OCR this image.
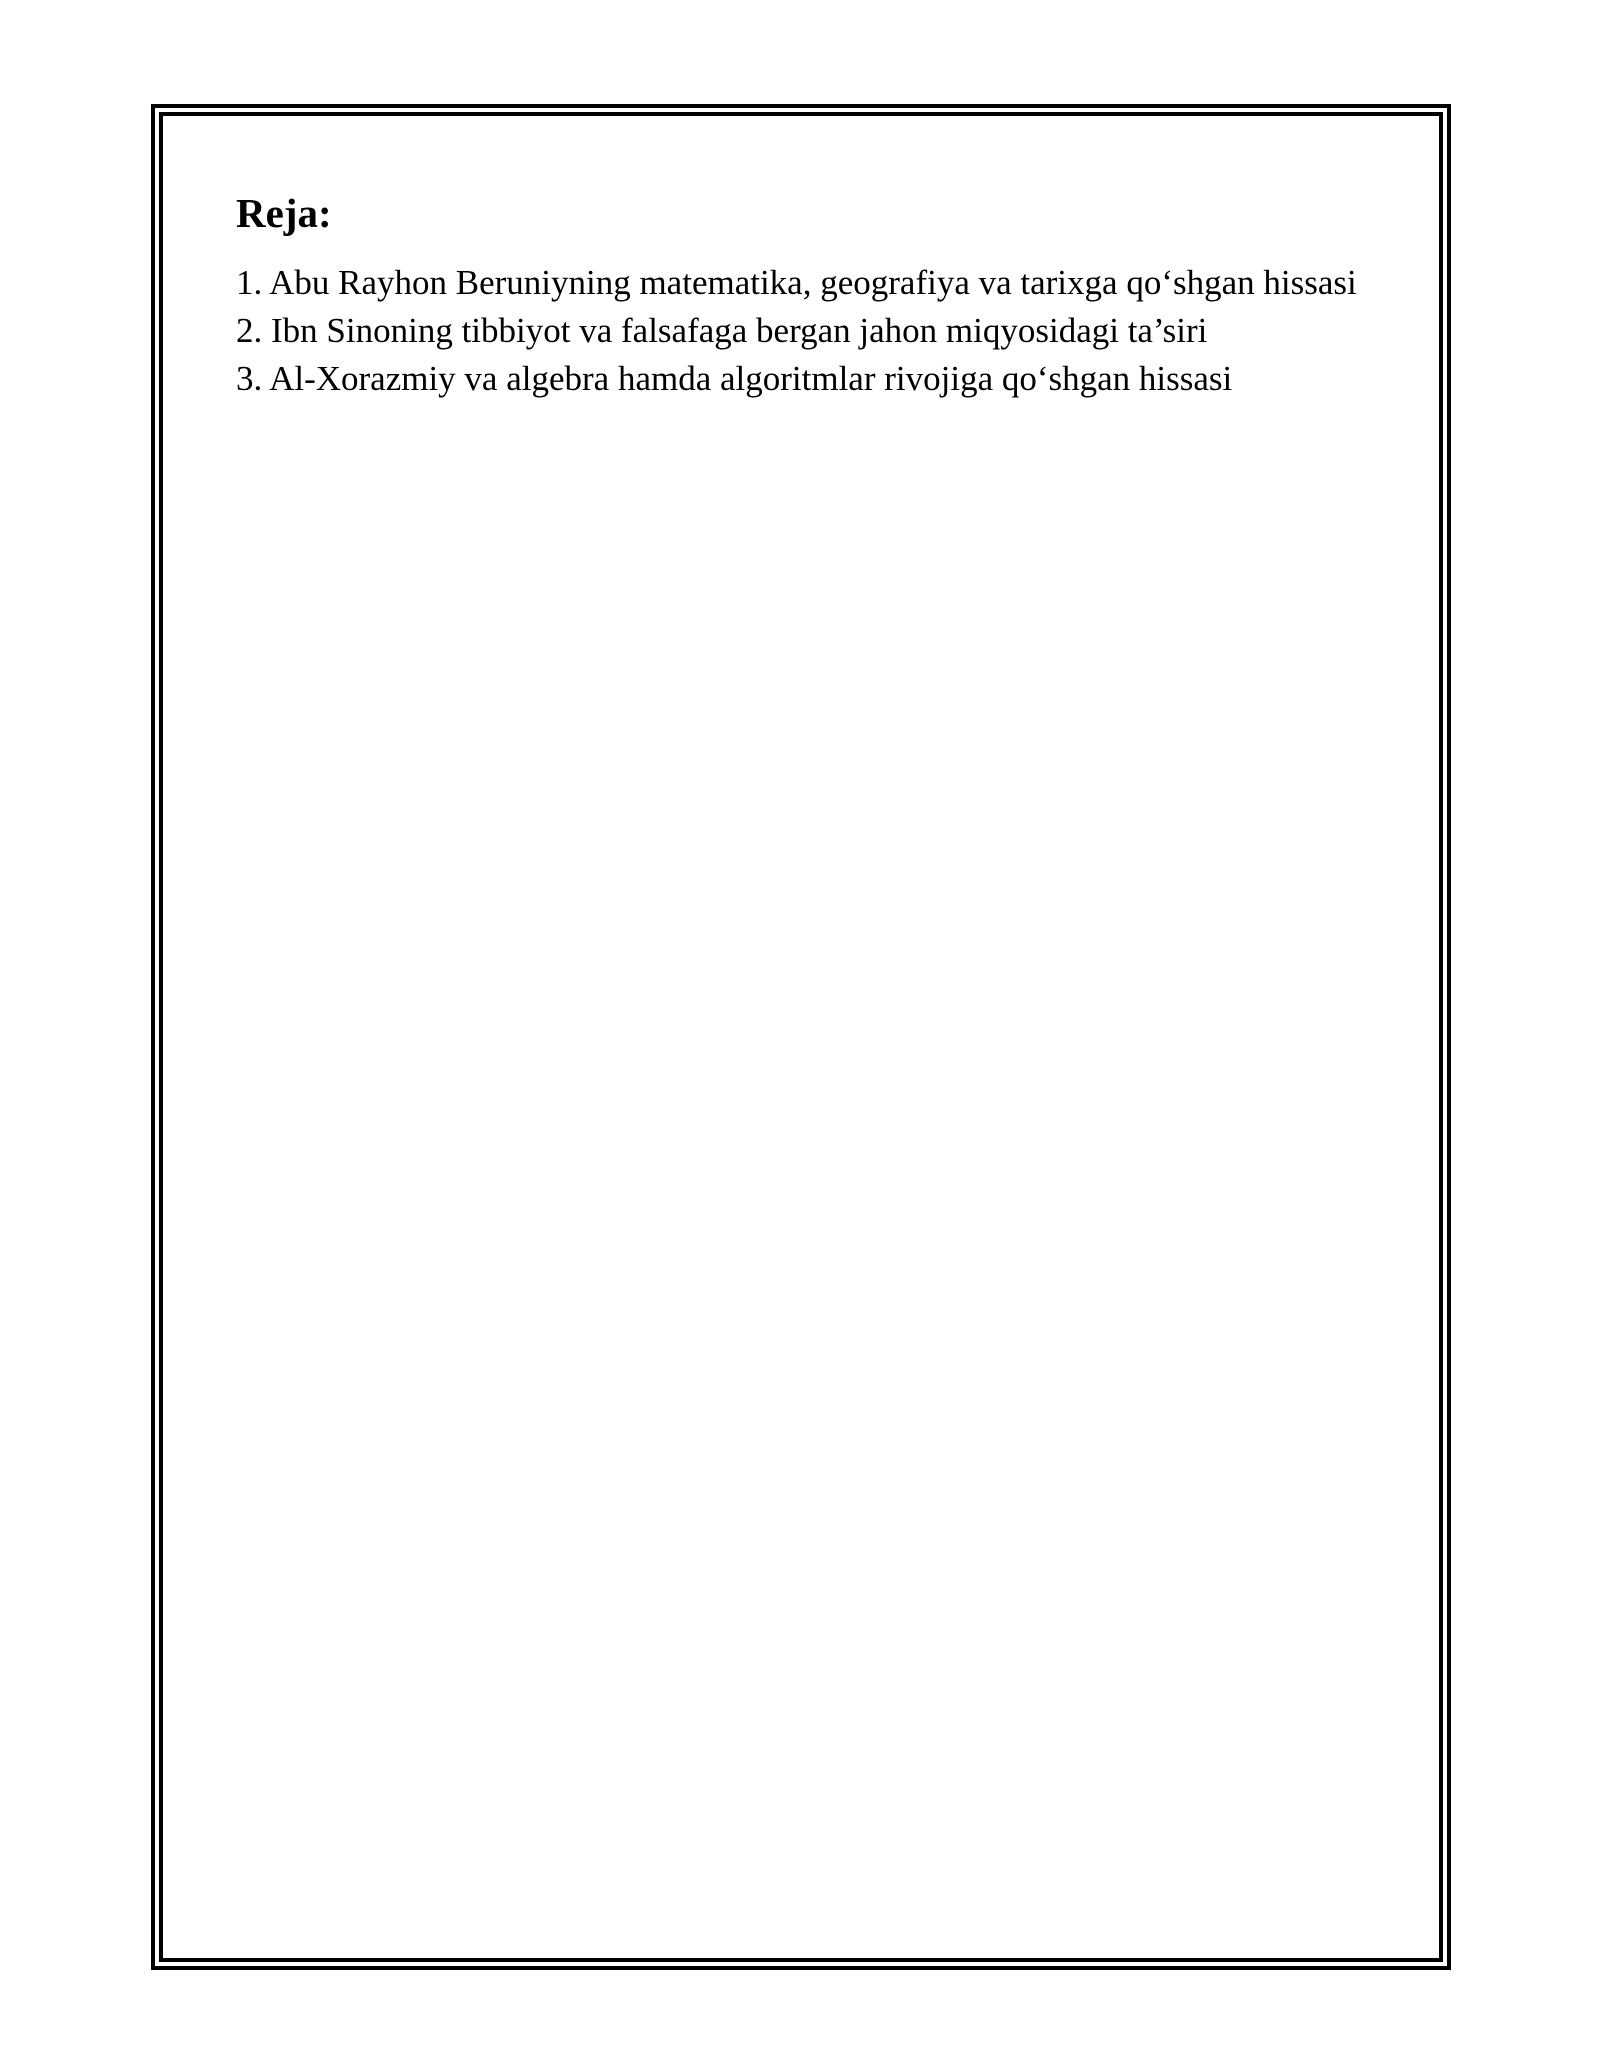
Reja:
1. Abu Rayhon Beruniyning matematika, geografiya va tarixga qo‘shgan hissasi
2. Ibn Sinoning tibbiyot va falsafaga bergan jahon miqyosidagi ta’siri
3. Al-Xorazmiy va algebra hamda algoritmlar rivojiga qo‘shgan hissasi
